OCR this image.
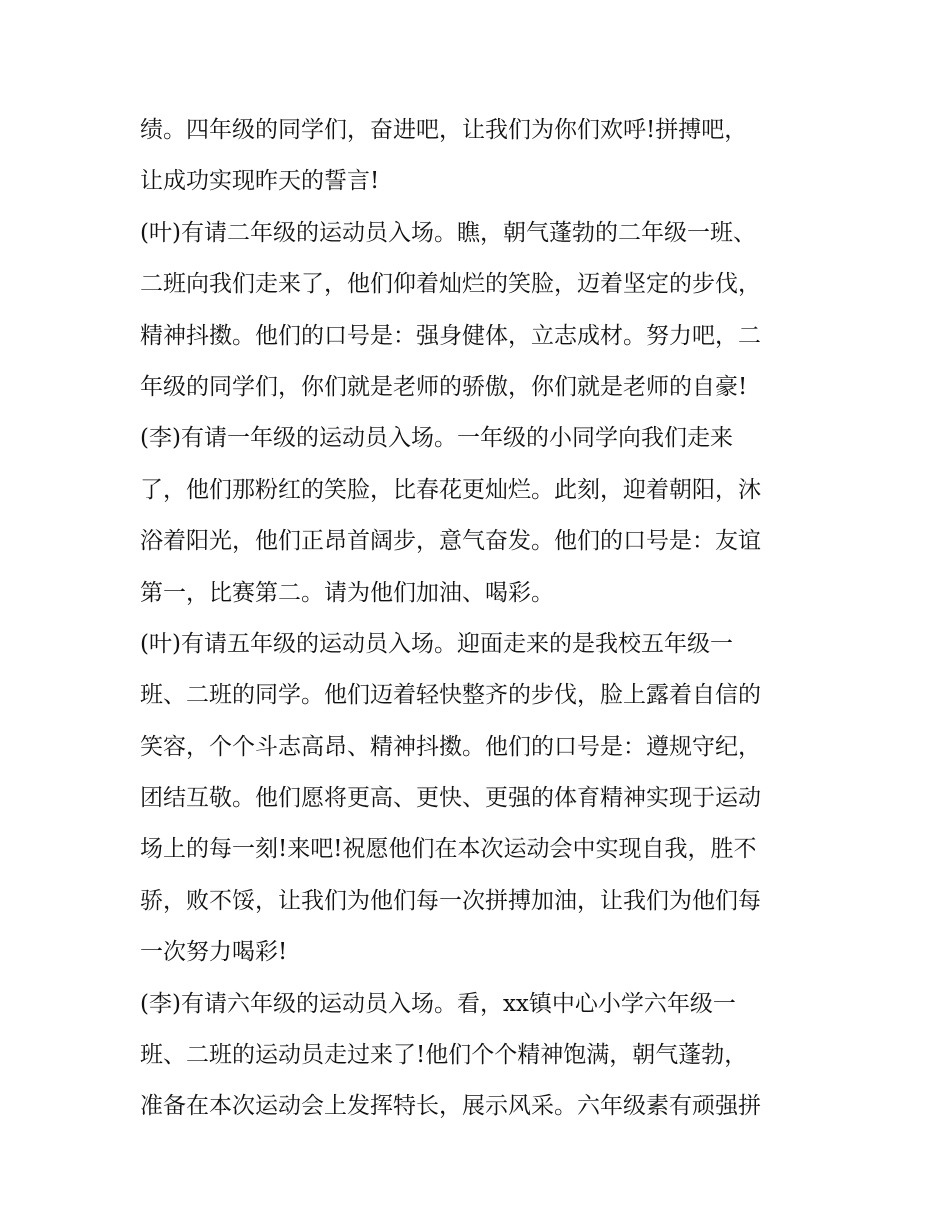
绩。四年级的同学们，奋进吧，让我们为你们欢呼!拼搏吧，
让成功实现昨天的誓言!
(叶)有请二年级的运动员入场。瞧，朝气蓬勃的二年级一班、
二班向我们走来了，他们仰着灿烂的笑脸，迈着坚定的步伐，
精神抖擞。他们的口号是：强身健体，立志成材。努力吧，二
年级的同学们，你们就是老师的骄傲，你们就是老师的自豪!
(李)有请一年级的运动员入场。一年级的小同学向我们走来
了，他们那粉红的笑脸，比春花更灿烂。此刻，迎着朝阳，沐
浴着阳光，他们正昂首阔步，意气奋发。他们的口号是：友谊
第一，比赛第二。请为他们加油、喝彩。
(叶)有请五年级的运动员入场。迎面走来的是我校五年级一
班、二班的同学。他们迈着轻快整齐的步伐，脸上露着自信的
笑容，个个斗志高昂、精神抖擞。他们的口号是：遵规守纪，
团结互敬。他们愿将更高、更快、更强的体育精神实现于运动
场上的每一刻!来吧!祝愿他们在本次运动会中实现自我，胜不
骄，败不馁，让我们为他们每一次拼搏加油，让我们为他们每
一次努力喝彩!
(李)有请六年级的运动员入场。看，xx镇中心小学六年级一
班、二班的运动员走过来了!他们个个精神饱满，朝气蓬勃，
准备在本次运动会上发挥特长，展示风采。六年级素有顽强拼
